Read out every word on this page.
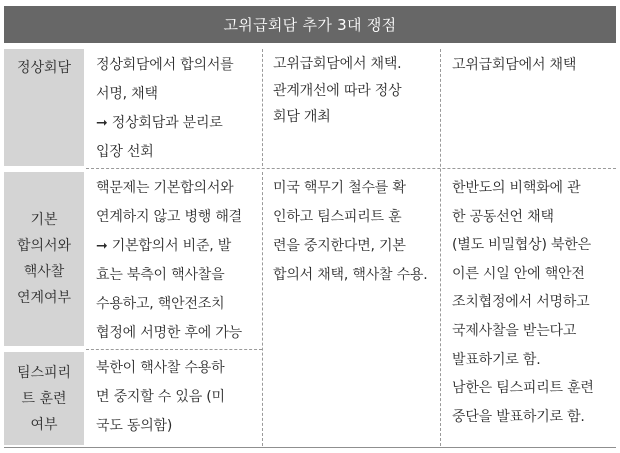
고위급회담 추가 3대 쟁점
정상회담
기본
합의서와
핵사찰
연계여부
팀스피리
트 훈련
여부
정상회담에서 합의서를
서명, 채택
➞ 정상회담과 분리로
입장 선회
고위급회담에서 채택.
관계개선에 따라 정상
회담 개최
고위급회담에서 채택
핵문제는 기본합의서와
연계하지 않고 병행 해결
➞ 기본합의서 비준, 발
효는 북측이 핵사찰을
수용하고, 핵안전조치
협정에 서명한 후에 가능
미국 핵무기 철수를 확
인하고 팀스피리트 훈
련을 중지한다면, 기본
합의서 채택, 핵사찰 수용.
한반도의 비핵화에 관
한 공동선언 채택
(별도 비밀협상) 북한은
이른 시일 안에 핵안전
조치협정에서 서명하고
국제사찰을 받는다고
발표하기로 함.
남한은 팀스피리트 훈련
중단을 발표하기로 함.
북한이 핵사찰 수용하
면 중지할 수 있음 (미
국도 동의함)
